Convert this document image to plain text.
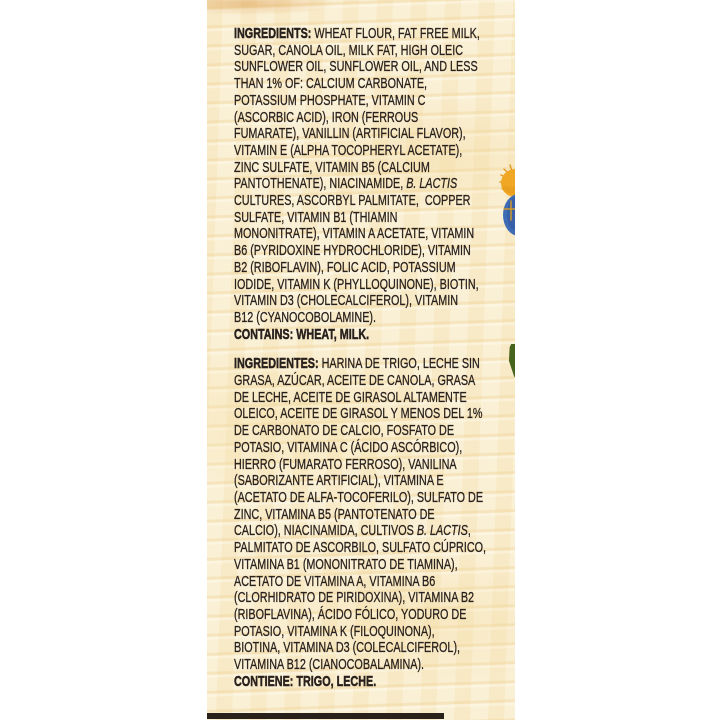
INGREDIENTS: WHEAT FLOUR, FAT FREE MILK,
SUGAR, CANOLA OIL, MILK FAT, HIGH OLEIC
SUNFLOWER OIL, SUNFLOWER OIL, AND LESS
THAN 1% OF: CALCIUM CARBONATE,
POTASSIUM PHOSPHATE, VITAMIN C
(ASCORBIC ACID), IRON (FERROUS
FUMARATE), VANILLIN (ARTIFICIAL FLAVOR),
VITAMIN E (ALPHA TOCOPHERYL ACETATE),
ZINC SULFATE, VITAMIN B5 (CALCIUM
PANTOTHENATE), NIACINAMIDE, B. LACTIS
CULTURES, ASCORBYL PALMITATE,  COPPER
SULFATE, VITAMIN B1 (THIAMIN
MONONITRATE), VITAMIN A ACETATE, VITAMIN
B6 (PYRIDOXINE HYDROCHLORIDE), VITAMIN
B2 (RIBOFLAVIN), FOLIC ACID, POTASSIUM
IODIDE, VITAMIN K (PHYLLOQUINONE), BIOTIN,
VITAMIN D3 (CHOLECALCIFEROL), VITAMIN
B12 (CYANOCOBOLAMINE).
CONTAINS: WHEAT, MILK.
INGREDIENTES: HARINA DE TRIGO, LECHE SIN
GRASA, AZÚCAR, ACEITE DE CANOLA, GRASA
DE LECHE, ACEITE DE GIRASOL ALTAMENTE
OLEICO, ACEITE DE GIRASOL Y MENOS DEL 1%
DE CARBONATO DE CALCIO, FOSFATO DE
POTASIO, VITAMINA C (ÁCIDO ASCÓRBICO),
HIERRO (FUMARATO FERROSO), VANILINA
(SABORIZANTE ARTIFICIAL), VITAMINA E
(ACETATO DE ALFA-TOCOFERILO), SULFATO DE
ZINC, VITAMINA B5 (PANTOTENATO DE
CALCIO), NIACINAMIDA, CULTIVOS B. LACTIS,
PALMITATO DE ASCORBILO, SULFATO CÚPRICO,
VITAMINA B1 (MONONITRATO DE TIAMINA),
ACETATO DE VITAMINA A, VITAMINA B6
(CLORHIDRATO DE PIRIDOXINA), VITAMINA B2
(RIBOFLAVINA), ÁCIDO FÓLICO, YODURO DE
POTASIO, VITAMINA K (FILOQUINONA),
BIOTINA, VITAMINA D3 (COLECALCIFEROL),
VITAMINA B12 (CIANOCOBALAMINA).
CONTIENE: TRIGO, LECHE.
